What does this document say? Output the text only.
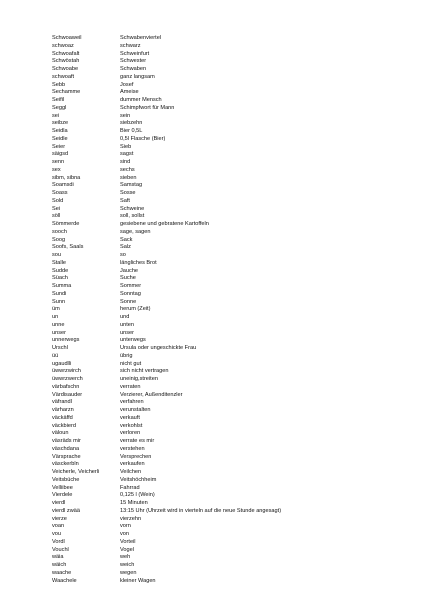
Schwoaweil	Schwabenviertel
schwoaz	schwarz
Schwoafalt	Schweinfurt
Schwöstah	Schwester
Schwoabe	Schwaben
schwoaft	ganz langsam
Sebb	Josef
Sechamme	Ameise
Seifil	dummer Mensch
Seggl	Schimpfwort für Mann
sei	sein
seibze	siebzehn
Seidla	Bier 0,5L
Seidle	0,5l Flasche (Bier)
Seier	Sieb
säigsd	sagst
senn	sind
sex	sechs
sibm, sibna	sieben
Soamsdi	Samstag
Soass	Sosse
Sold	Saft
Sei	Schweine
söll	soll, sollst
Sömmerde	gesiebene und gebratene Kartoffeln
sooch	sage, sagen
Soog	Sack
Soofs, Saals	Salz
sou	so
Stalle	längliches Brot
Sudde	Jauche
Süach	Suche
Summa	Sommer
Sundi	Sonntag
Sunn	Sonne
üm	herum (Zeit)
un	und
unne	unten
unser	unser
unnerwegs	unterwegs
Urschl	Ursula oder ungeschickte Frau
üü	übrig
ugaudlli	nicht gut
üwwrzwirch	sich nicht vertragen
üwwrzwerch	uneinig,streiten
värbafschn	verraten
Värdisauder	Verzierer, Außenditenzler
väfrandl	verfahren
värharzn	verunstalten
väckäffd	verkauft
väckbierd	verkohlst
väloun	verloren
väsräds mir	verrate es mir
väschdana	verstehen
Värsprache	Versprechen
väsckerbln	verkaufen
Veicherle, Veicherli	Veilchen
Veitsbüche	Veitshöchheim
Velliibee	Fahrrad
Vierdele	0,125 l (Wein)
vierdl	15 Minuten
vierdl zwää	13:15 Uhr (Uhrzeit wird in vierteln auf die neue Stunde angesagt)
vierze	vierzehn
voan	vorn
vou	von
Vordl	Vorteil
Vouchl	Vogel
wäia	weh
wäich	weich
waache	wegen
Waachele	kleiner Wagen
